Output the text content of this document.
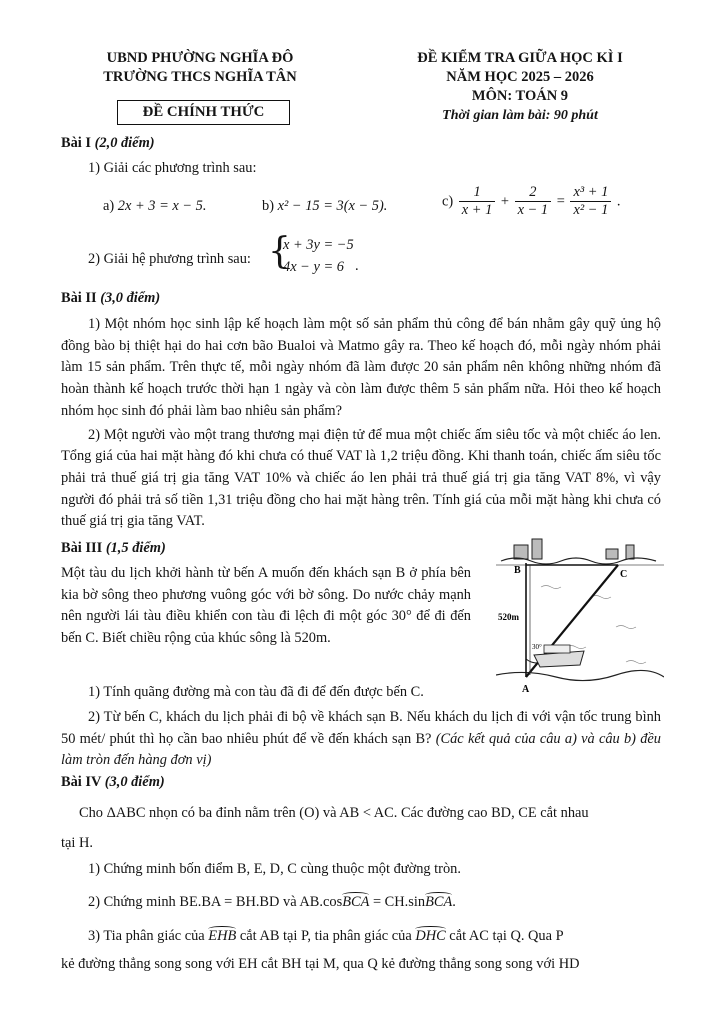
UBND PHƯỜNG NGHĨA ĐÔ
TRƯỜNG THCS NGHĨA TÂN
ĐỀ CHÍNH THỨC
ĐỀ KIỂM TRA GIỮA HỌC KÌ I
NĂM HỌC 2025 – 2026
MÔN: TOÁN 9
Thời gian làm bài: 90 phút
Bài I (2,0 điểm)
1) Giải các phương trình sau:
a) 2x + 3 = x − 5.	b) x² − 15 = 3(x − 5).	$c) \frac{1}{x + 1} + \frac{2}{x - 1} = \frac{\text{x³ + 1}}{\text{x² − 1}}$ .
2) Giải hệ phương trình sau: {
x + 3y = −5
4x − y = 6 .
Bài II (3,0 điểm)

1) Một nhóm học sinh lập kế hoạch làm một số sản phẩm thủ công để bán nhằm gây quỹ ủng hộ đồng bào bị thiệt hại do hai cơn bão Bualoi và Matmo gây ra. Theo kế hoạch đó, mỗi ngày nhóm phải làm 15 sản phẩm. Trên thực tế, mỗi ngày nhóm đã làm được 20 sản phẩm nên không những nhóm đã hoàn thành kế hoạch trước thời hạn 1 ngày và còn làm được thêm 5 sản phẩm nữa. Hỏi theo kế hoạch nhóm học sinh đó phải làm bao nhiêu sản phẩm?

2) Một người vào một trang thương mại điện tử để mua một chiếc ấm siêu tốc và một chiếc áo len. Tổng giá của hai mặt hàng đó khi chưa có thuế VAT là 1,2 triệu đồng. Khi thanh toán, chiếc ấm siêu tốc phải trả thuế giá trị gia tăng VAT 10% và chiếc áo len phải trả thuế giá trị gia tăng VAT 8%, vì vậy người đó phải trả số tiền 1,31 triệu đồng cho hai mặt hàng trên. Tính giá của mỗi mặt hàng khi chưa có thuế giá trị gia tăng VAT.

Bài III (1,5 điểm)
Một tàu du lịch khởi hành từ bến A muốn đến khách sạn B ở phía bên kia bờ sông theo phương vuông góc với bờ sông. Do nước chảy mạnh nên người lái tàu điều khiển con tàu đi lệch đi một góc 30° để đi đến bến C. Biết chiều rộng của khúc sông là 520m.
1) Tính quãng đường mà con tàu đã đi để đến được bến C.
2) Từ bến C, khách du lịch phải đi bộ về khách sạn B. Nếu khách du lịch đi với vận tốc trung bình 50 mét/ phút thì họ cần bao nhiêu phút để về đến khách sạn B? (Các kết quả của câu a) và câu b) đều làm tròn đến hàng đơn vị)
B	C
A
520m
30°
Bài IV (3,0 điểm)
Cho ΔABC nhọn có ba đỉnh nằm trên (O) và AB < AC. Các đường cao BD, CE cắt nhau
tại H.
1) Chứng minh bốn điểm B, E, D, C cùng thuộc một đường tròn.
2) Chứng minh BE.BA = BH.BD và AB.cosBCA = CH.sinBCA.
3) Tia phân giác của EHB cắt AB tại P, tia phân giác của DHC cắt AC tại Q. Qua P
kẻ đường thẳng song song với EH cắt BH tại M, qua Q kẻ đường thẳng song song với HD
